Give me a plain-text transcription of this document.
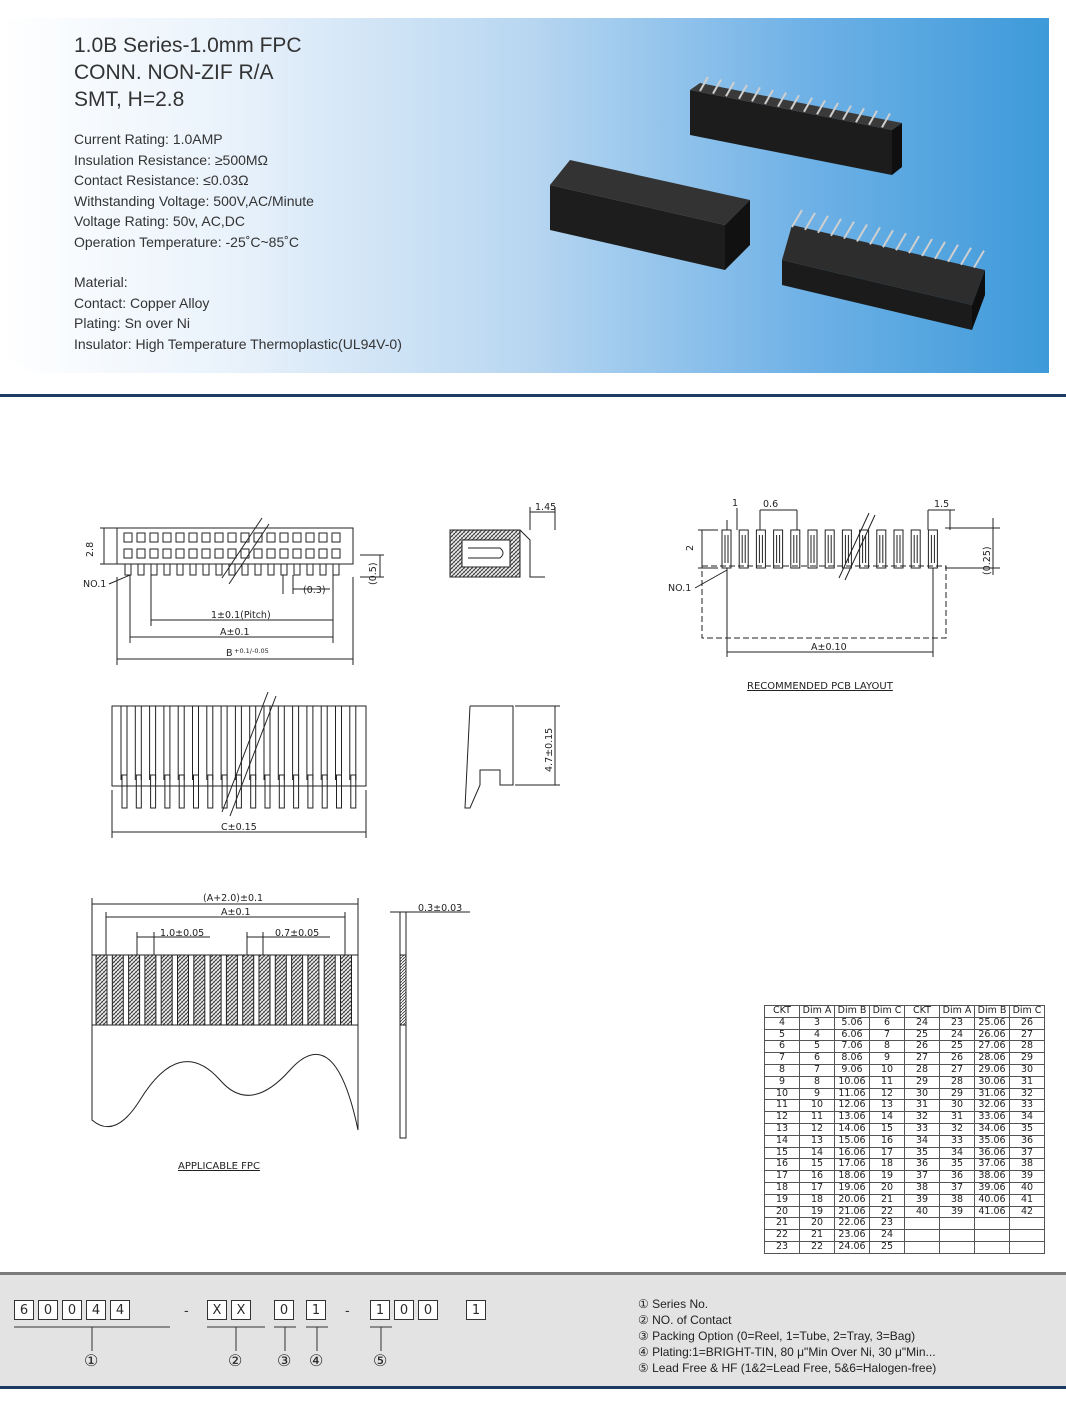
1.0B Series-1.0mm FPC
CONN. NON-ZIF R/A
SMT, H=2.8
Current Rating: 1.0AMP
Insulation Resistance: ≥500MΩ
Contact Resistance: ≤0.03Ω
Withstanding Voltage: 500V,AC/Minute
Voltage Rating: 50v, AC,DC
Operation Temperature: -25˚C~85˚C
Material:
Contact: Copper Alloy
Plating: Sn over Ni
Insulator: High Temperature Thermoplastic(UL94V-0)
2.8
NO.1	(0.5)
(0.3)
1±0.1(Pitch)
A±0.1
B +0.1/-0.05
1.45	1	0.6	1.5
2	(0.25)
NO.1
A±0.10
RECOMMENDED PCB LAYOUT
C±0.15
4.7±0.15
(A+2.0)±0.1
A±0.1
1.0±0.05	0.7±0.05
0.3±0.03
APPLICABLE FPC
CKT	Dim A	Dim B	Dim C	CKT	Dim A	Dim B	Dim C
4	3	5.06	6	24	23	25.06	26
5	4	6.06	7	25	24	26.06	27
6	5	7.06	8	26	25	27.06	28
7	6	8.06	9	27	26	28.06	29
8	7	9.06	10	28	27	29.06	30
9	8	10.06	11	29	28	30.06	31
10	9	11.06	12	30	29	31.06	32
11	10	12.06	13	31	30	32.06	33
12	11	13.06	14	32	31	33.06	34
13	12	14.06	15	33	32	34.06	35
14	13	15.06	16	34	33	35.06	36
15	14	16.06	17	35	34	36.06	37
16	15	17.06	18	36	35	37.06	38
17	16	18.06	19	37	36	38.06	39
18	17	19.06	20	38	37	39.06	40
19	18	20.06	21	39	38	40.06	41
20	19	21.06	22	40	39	41.06	42
21	20	22.06	23				
22	21	23.06	24				
23	22	24.06	25				
6	0	0	4	4	-	X	X	0	1	-	1	0	0	1
①	② ③ ④	⑤
① Series No.
② NO. of Contact
③ Packing Option (0=Reel, 1=Tube, 2=Tray, 3=Bag)
④ Plating:1=BRIGHT-TIN, 80 μ"Min Over Ni, 30 μ"Min...
⑤ Lead Free & HF (1&2=Lead Free, 5&6=Halogen-free)
